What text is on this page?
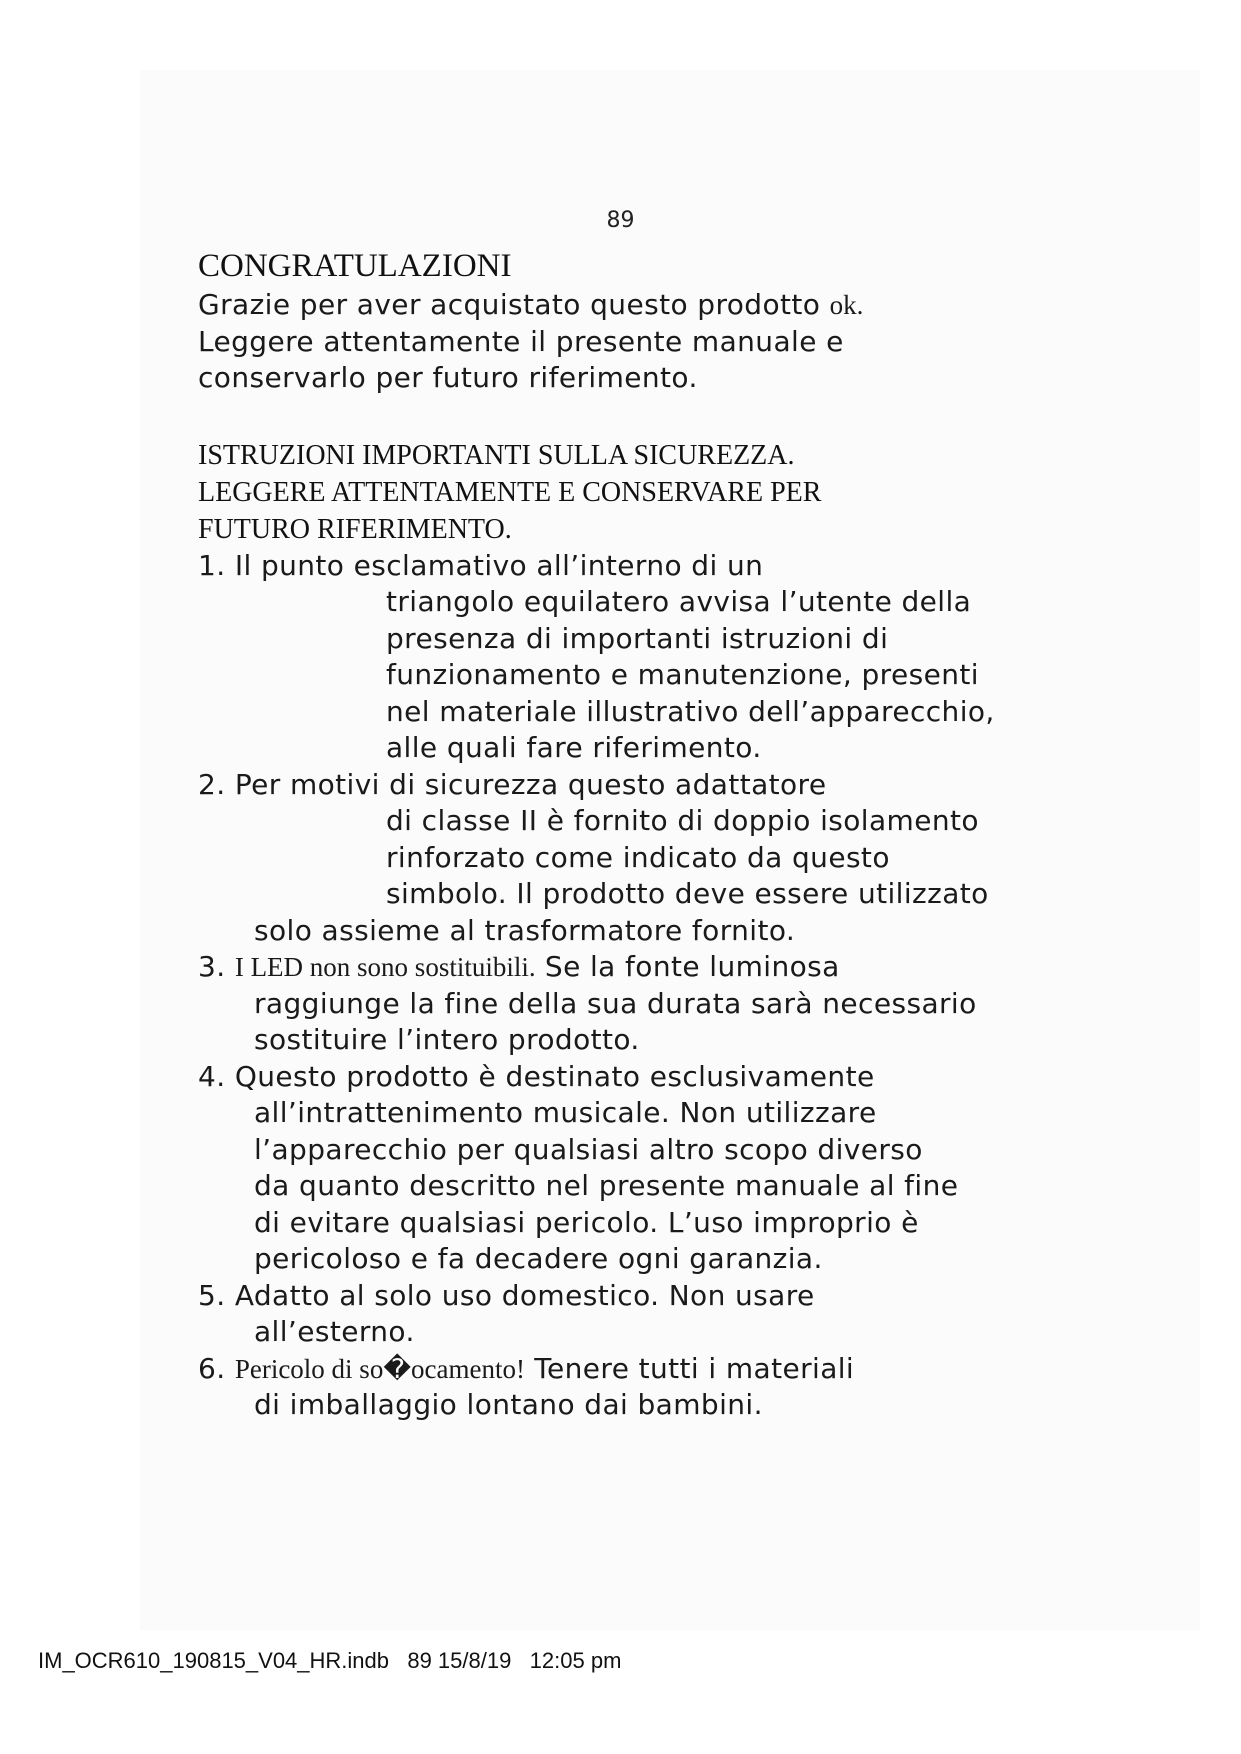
89
CONGRATULAZIONI

Grazie per aver acquistato questo prodotto ok.
Leggere attentamente il presente manuale e
conservarlo per futuro riferimento.

ISTRUZIONI IMPORTANTI SULLA SICUREZZA.
LEGGERE ATTENTAMENTE E CONSERVARE PER
FUTURO RIFERIMENTO.
1. Il punto esclamativo all’interno di un
triangolo equilatero avvisa l’utente della
presenza di importanti istruzioni di
funzionamento e manutenzione, presenti
nel materiale illustrativo dell’apparecchio,
alle quali fare riferimento.
2. Per motivi di sicurezza questo adattatore
di classe II è fornito di doppio isolamento
rinforzato come indicato da questo
simbolo. Il prodotto deve essere utilizzato
solo assieme al trasformatore fornito.
3. I LED non sono sostituibili. Se la fonte luminosa
raggiunge la fine della sua durata sarà necessario
sostituire l’intero prodotto.
4. Questo prodotto è destinato esclusivamente
all’intrattenimento musicale. Non utilizzare
l’apparecchio per qualsiasi altro scopo diverso
da quanto descritto nel presente manuale al fine
di evitare qualsiasi pericolo. L’uso improprio è
pericoloso e fa decadere ogni garanzia.
5. Adatto al solo uso domestico. Non usare
all’esterno.
6. Pericolo di so�ocamento! Tenere tutti i materiali
di imballaggio lontano dai bambini.
IM_OCR610_190815_V04_HR.indb   89 15/8/19   12:05 pm
